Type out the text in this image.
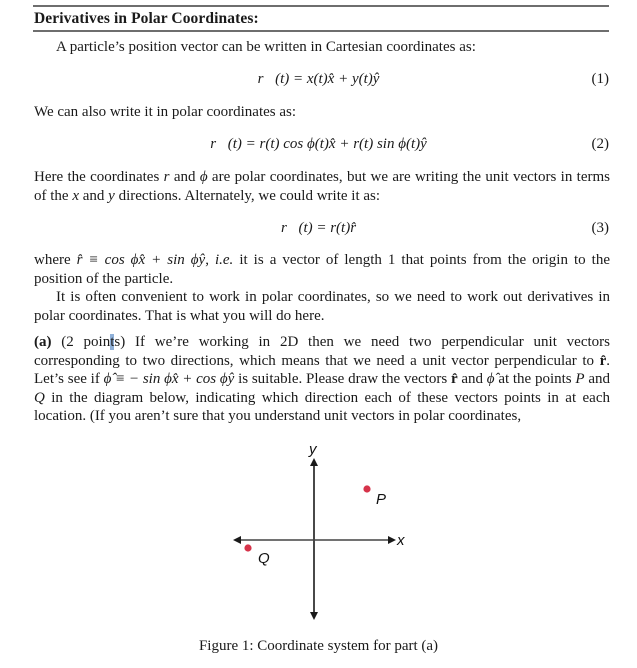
Derivatives in Polar Coordinates:
A particle’s position vector can be written in Cartesian coordinates as:
r⃗(t) = x(t)x̂ + y(t)ŷ	(1)
We can also write it in polar coordinates as:
r⃗(t) = r(t) cos ϕ(t)x̂ + r(t) sin ϕ(t)ŷ	(2)
Here the coordinates r and ϕ are polar coordinates, but we are writing the unit vectors in terms of the x and y directions. Alternately, we could write it as:
r⃗(t) = r(t)r̂	(3)
where r̂ ≡ cos ϕx̂ + sin ϕŷ, i.e. it is a vector of length 1 that points from the origin to the position of the particle.
It is often convenient to work in polar coordinates, so we need to work out derivatives in polar coordinates. That is what you will do here.
(a) (2 points) If we’re working in 2D then we need two perpendicular unit vectors corresponding to two directions, which means that we need a unit vector perpendicular to r̂. Let’s see if ϕ̂ ≡ − sin ϕx̂ + cos ϕŷ is suitable. Please draw the vectors r̂ and ϕ̂ at the points P and Q in the diagram below, indicating which direction each of these vectors points in at each location. (If you aren’t sure that you understand unit vectors in polar coordinates,
y
x
P
Q
Figure 1: Coordinate system for part (a)
